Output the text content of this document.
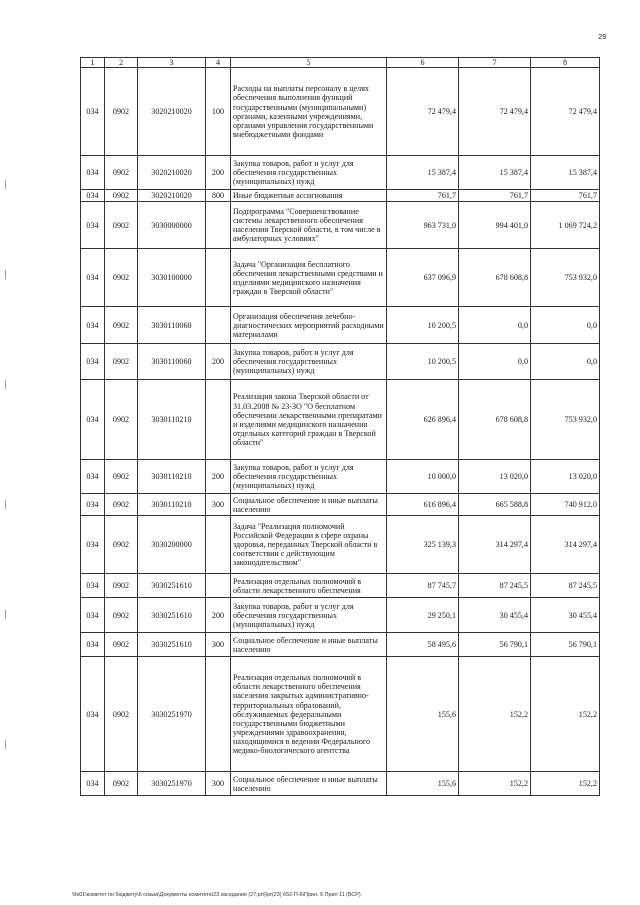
29
1	2	3	4	5	6	7	8
034	0902	3020210020	100	Расходы на выплаты персоналу в целях обеспечения выполнения функций государственными (муниципальными) органами, казенными учреждениями, органами управления государственными внебюджетными фондами	72 479,4	72 479,4	72 479,4
034	0902	3020210020	200	Закупка товаров, работ и услуг для обеспечения государственных (муниципальных) нужд	15 387,4	15 387,4	15 387,4
034	0902	3020210020	800	Иные бюджетные ассигнования	761,7	761,7	761,7
034	0902	3030000000		Подпрограмма "Совершенствование системы лекарственного обеспечения населения Тверской области, в том числе в амбулаторных условиях"	963 731,0	994 401,0	1 069 724,2
034	0902	3030100000		Задача "Организация бесплатного обеспечения лекарственными средствами и изделиями медицинского назначения граждан в Тверской области"	637 096,9	678 608,8	753 932,0
034	0902	3030110060		Организация обеспечения лечебно-диагностических мероприятий расходными материалами	10 200,5	0,0	0,0
034	0902	3030110060	200	Закупка товаров, работ и услуг для обеспечения государственных (муниципальных) нужд	10 200,5	0,0	0,0
034	0902	3030110210		Реализация закона Тверской области от 31.03.2008 № 23-ЗО "О бесплатном обеспечении лекарственными препаратами и изделиями медицинского назначения отдельных категорий граждан в Тверской области"	626 896,4	678 608,8	753 932,0
034	0902	3030110210	200	Закупка товаров, работ и услуг для обеспечения государственных (муниципальных) нужд	10 000,0	13 020,0	13 020,0
034	0902	3030110210	300	Социальное обеспечение и иные выплаты населению	616 896,4	665 588,8	740 912,0
034	0902	3030200000		Задача "Реализация полномочий Российской Федерации в сфере охраны здоровья, переданных Тверской области в соответствии с действующим законодательством"	325 139,3	314 297,4	314 297,4
034	0902	3030251610		Реализация отдельных полномочий в области лекарственного обеспечения	87 745,7	87 245,5	87 245,5
034	0902	3030251610	200	Закупка товаров, работ и услуг для обеспечения государственных (муниципальных) нужд	29 250,1	30 455,4	30 455,4
034	0902	3030251610	300	Социальное обеспечение и иные выплаты населению	58 495,6	56 790,1	56 790,1
034	0902	3030251970		Реализация отдельных полномочий в области лекарственного обеспечения населения закрытых административно-территориальных образований, обслуживаемых федеральными государственными бюджетными учреждениями здравоохранения, находящимися в ведении Федерального медико-биологического агентства	155,6	152,2	152,2
034	0902	3030251970	300	Социальное обеспечение и иные выплаты населению	155,6	152,2	152,2
\\fs01\комитет по бюджету\6 созыв\Документы комитета\23 заседание (27.prt)\pr(23) 652-П-6\Прил. 6 Прил 11 (ВСР)
